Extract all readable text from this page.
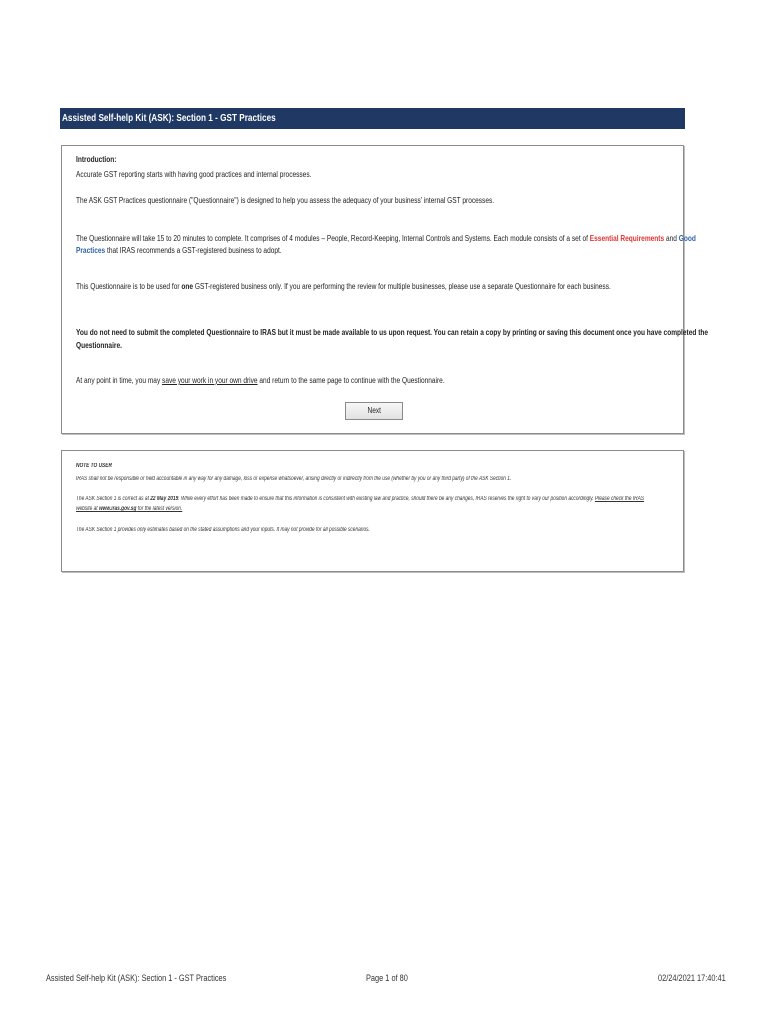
Assisted Self-help Kit (ASK): Section 1 - GST Practices
Introduction:
Accurate GST reporting starts with having good practices and internal processes.
The ASK GST Practices questionnaire ("Questionnaire") is designed to help you assess the adequacy of your business' internal GST processes.
The Questionnaire will take 15 to 20 minutes to complete. It comprises of 4 modules – People, Record-Keeping, Internal Controls and Systems. Each module consists of a set of Essential Requirements and Good
Practices that IRAS recommends a GST-registered business to adopt.
This Questionnaire is to be used for one GST-registered business only. If you are performing the review for multiple businesses, please use a separate Questionnaire for each business.
You do not need to submit the completed Questionnaire to IRAS but it must be made available to us upon request. You can retain a copy by printing or saving this document once you have completed the
Questionnaire.
At any point in time, you may save your work in your own drive and return to the same page to continue with the Questionnaire.
Next
NOTE TO USER
IRAS shall not be responsible or held accountable in any way for any damage, loss or expense whatsoever, arising directly or indirectly from the use (whether by you or any third party) of the ASK Section 1.
The ASK Section 1 is correct as at 22 May 2019. While every effort has been made to ensure that this information is consistent with existing law and practice, should there be any changes, IRAS reserves the right to vary our position accordingly. Please check the IRAS
website at www.iras.gov.sg for the latest version.
The ASK Section 1 provides only estimates based on the stated assumptions and your inputs. It may not provide for all possible scenarios.
Assisted Self-help Kit (ASK): Section 1 - GST Practices	Page 1 of 80	02/24/2021 17:40:41
